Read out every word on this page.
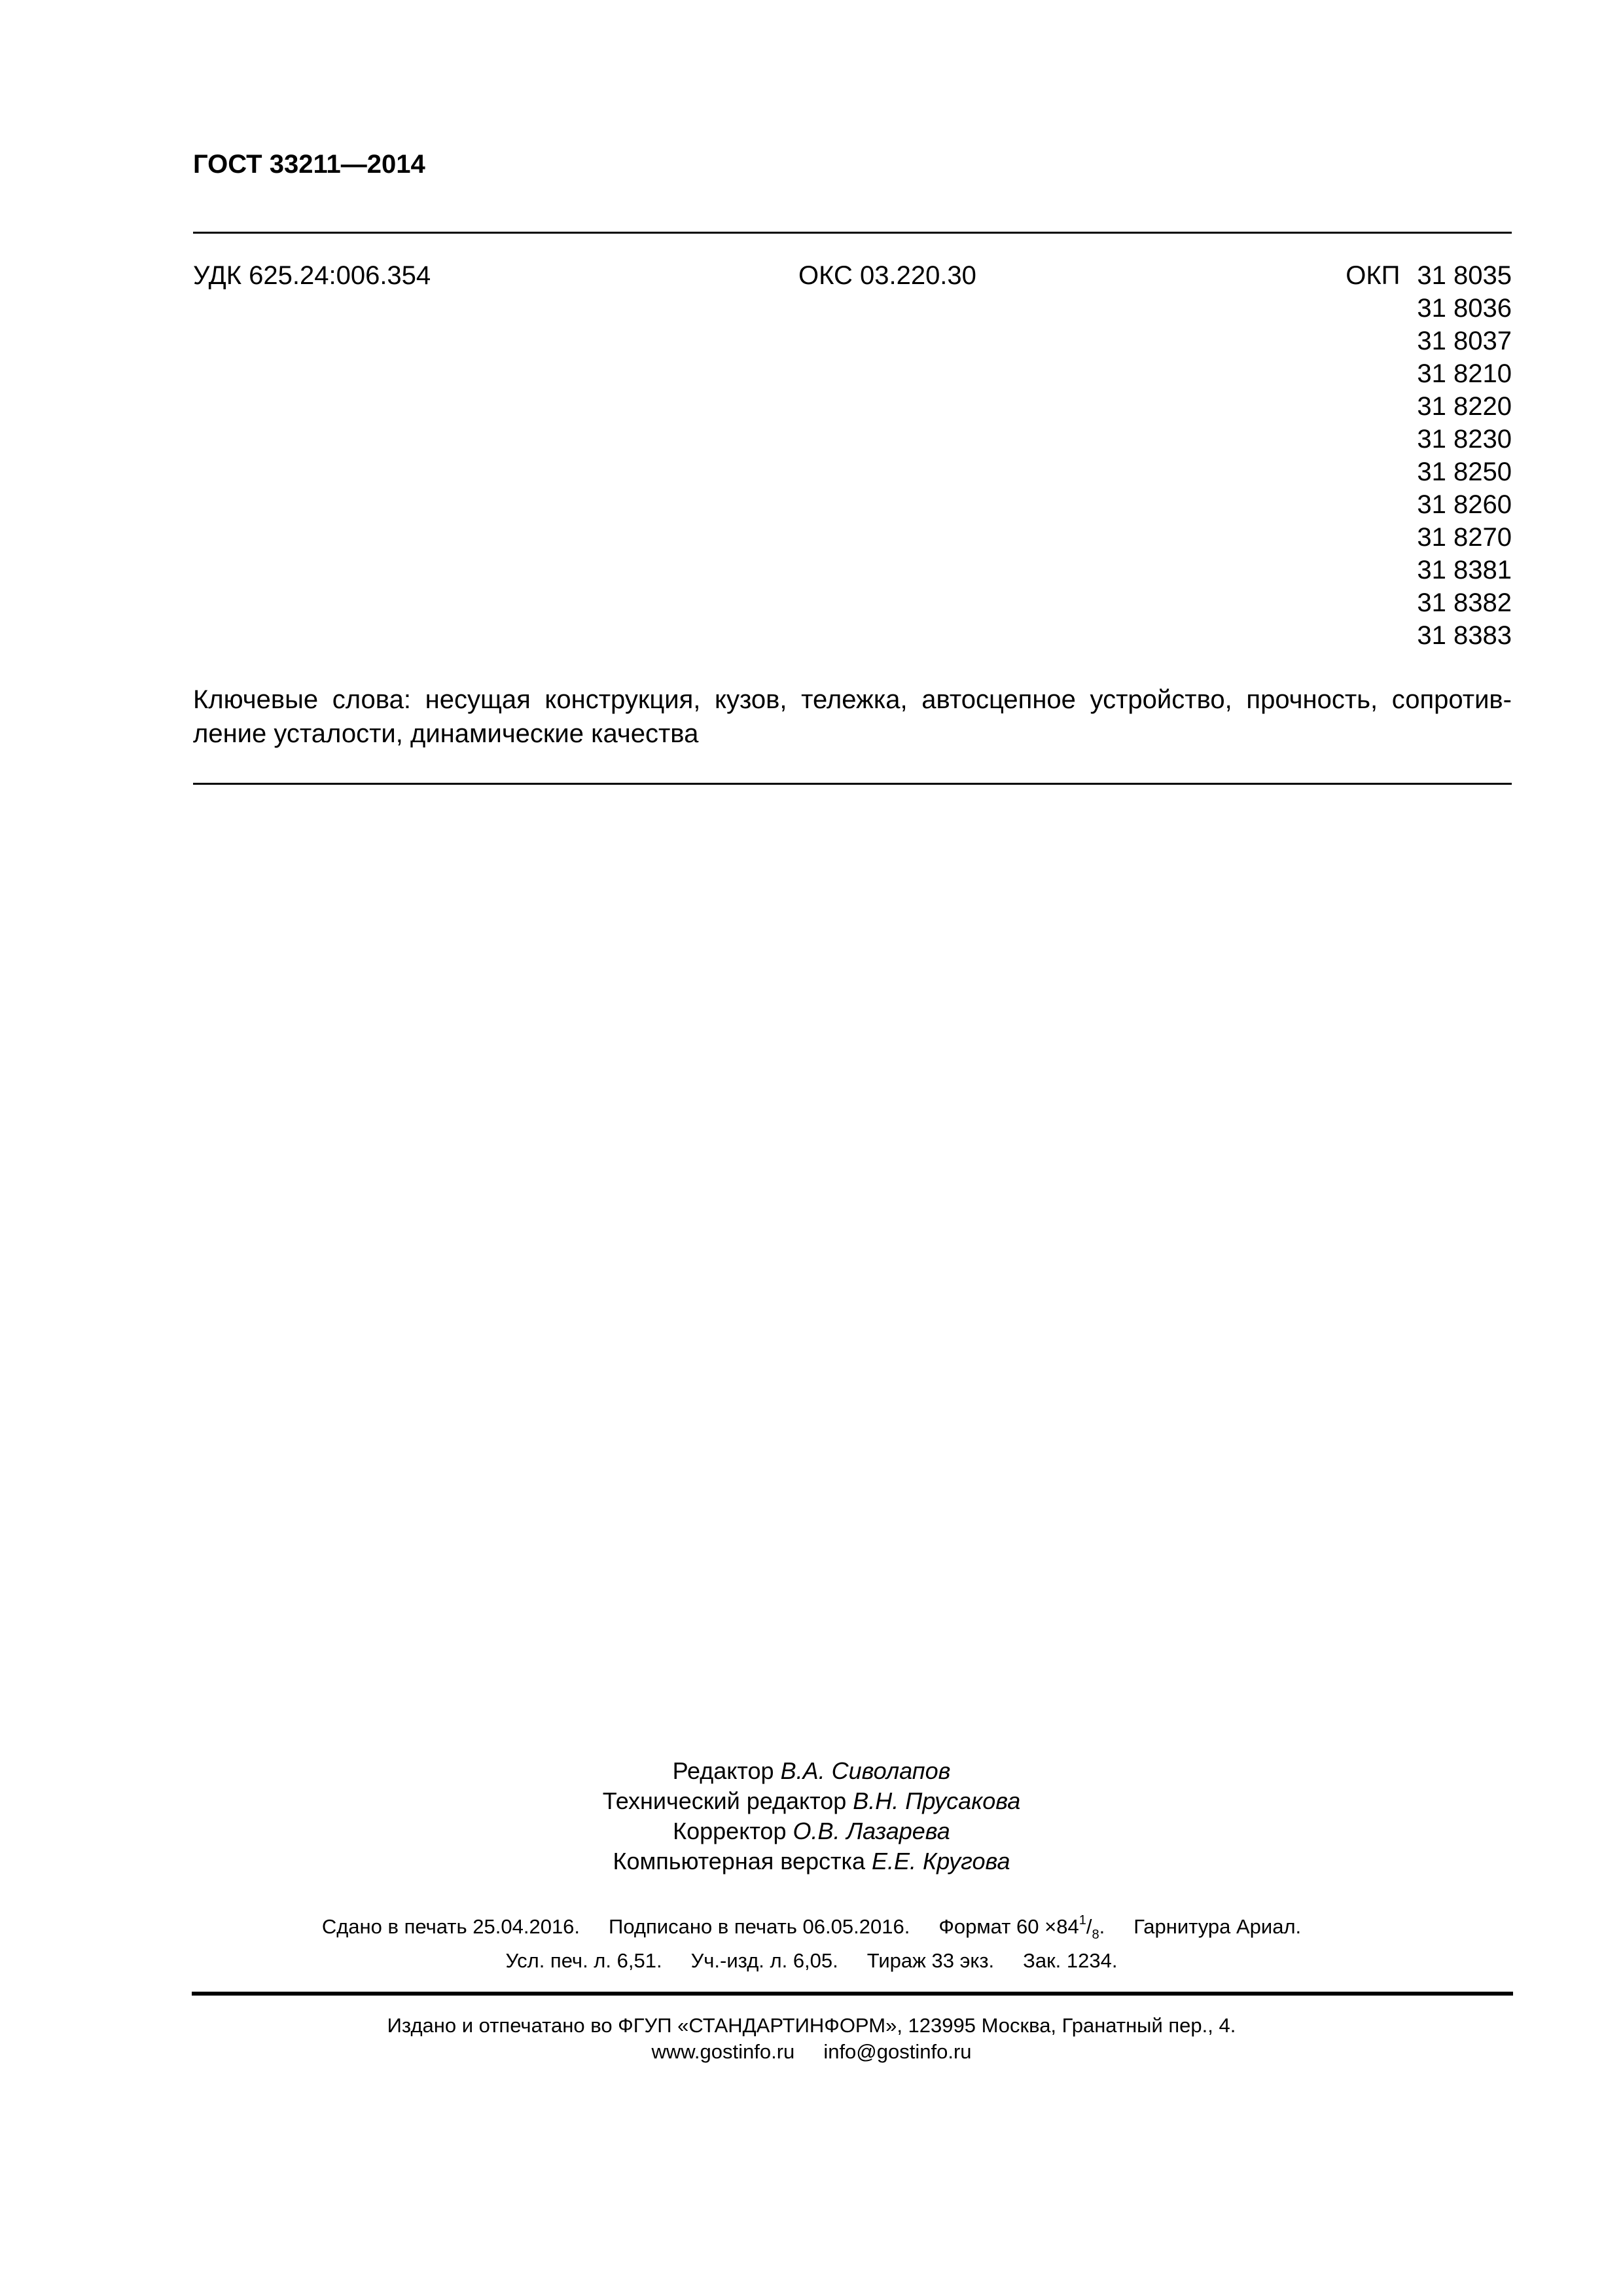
ГОСТ 33211—2014
УДК 625.24:006.354	ОКС 03.220.30	ОКП 31 8035
31 8036
31 8037
31 8210
31 8220
31 8230
31 8250
31 8260
31 8270
31 8381
31 8382
31 8383
Ключевые слова: несущая конструкция, кузов, тележка, автосцепное устройство, прочность, сопротив-
ление усталости, динамические качества
Редактор В.А. Сиволапов
Технический редактор В.Н. Прусакова
Корректор О.В. Лазарева
Компьютерная верстка Е.Е. Кругова
Сдано в печать 25.04.2016. Подписано в печать 06.05.2016. Формат $60 \times 84^1/_8$. Гарнитура Ариал.
Усл. печ. л. 6,51. Уч.-изд. л. 6,05. Тираж 33 экз. Зак. 1234.
Издано и отпечатано во ФГУП «СТАНДАРТИНФОРМ», 123995 Москва, Гранатный пер., 4.
www.gostinfo.ru info@gostinfo.ru
